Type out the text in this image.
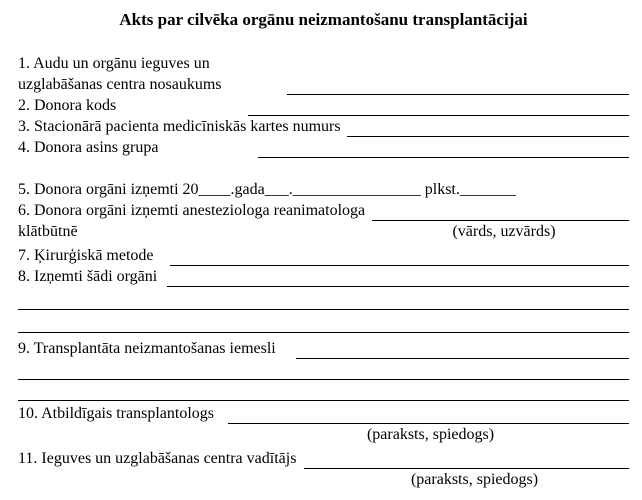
Akts par cilvēka orgānu neizmantošanu transplantācijai
1. Audu un orgānu ieguves un uzglabāšanas centra nosaukums
2. Donora kods
3. Stacionārā pacienta medicīniskās kartes numurs
4. Donora asins grupa
5. Donora orgāni izņemti 20____.gada___.________________ plkst._______
6. Donora orgāni izņemti anesteziologa reanimatologa
klātbūtnē	(vārds, uzvārds)
7. Ķirurģiskā metode
8. Izņemti šādi orgāni
9. Transplantāta neizmantošanas iemesli
10. Atbildīgais transplantologs
(paraksts, spiedogs)
11. Ieguves un uzglabāšanas centra vadītājs
(paraksts, spiedogs)
